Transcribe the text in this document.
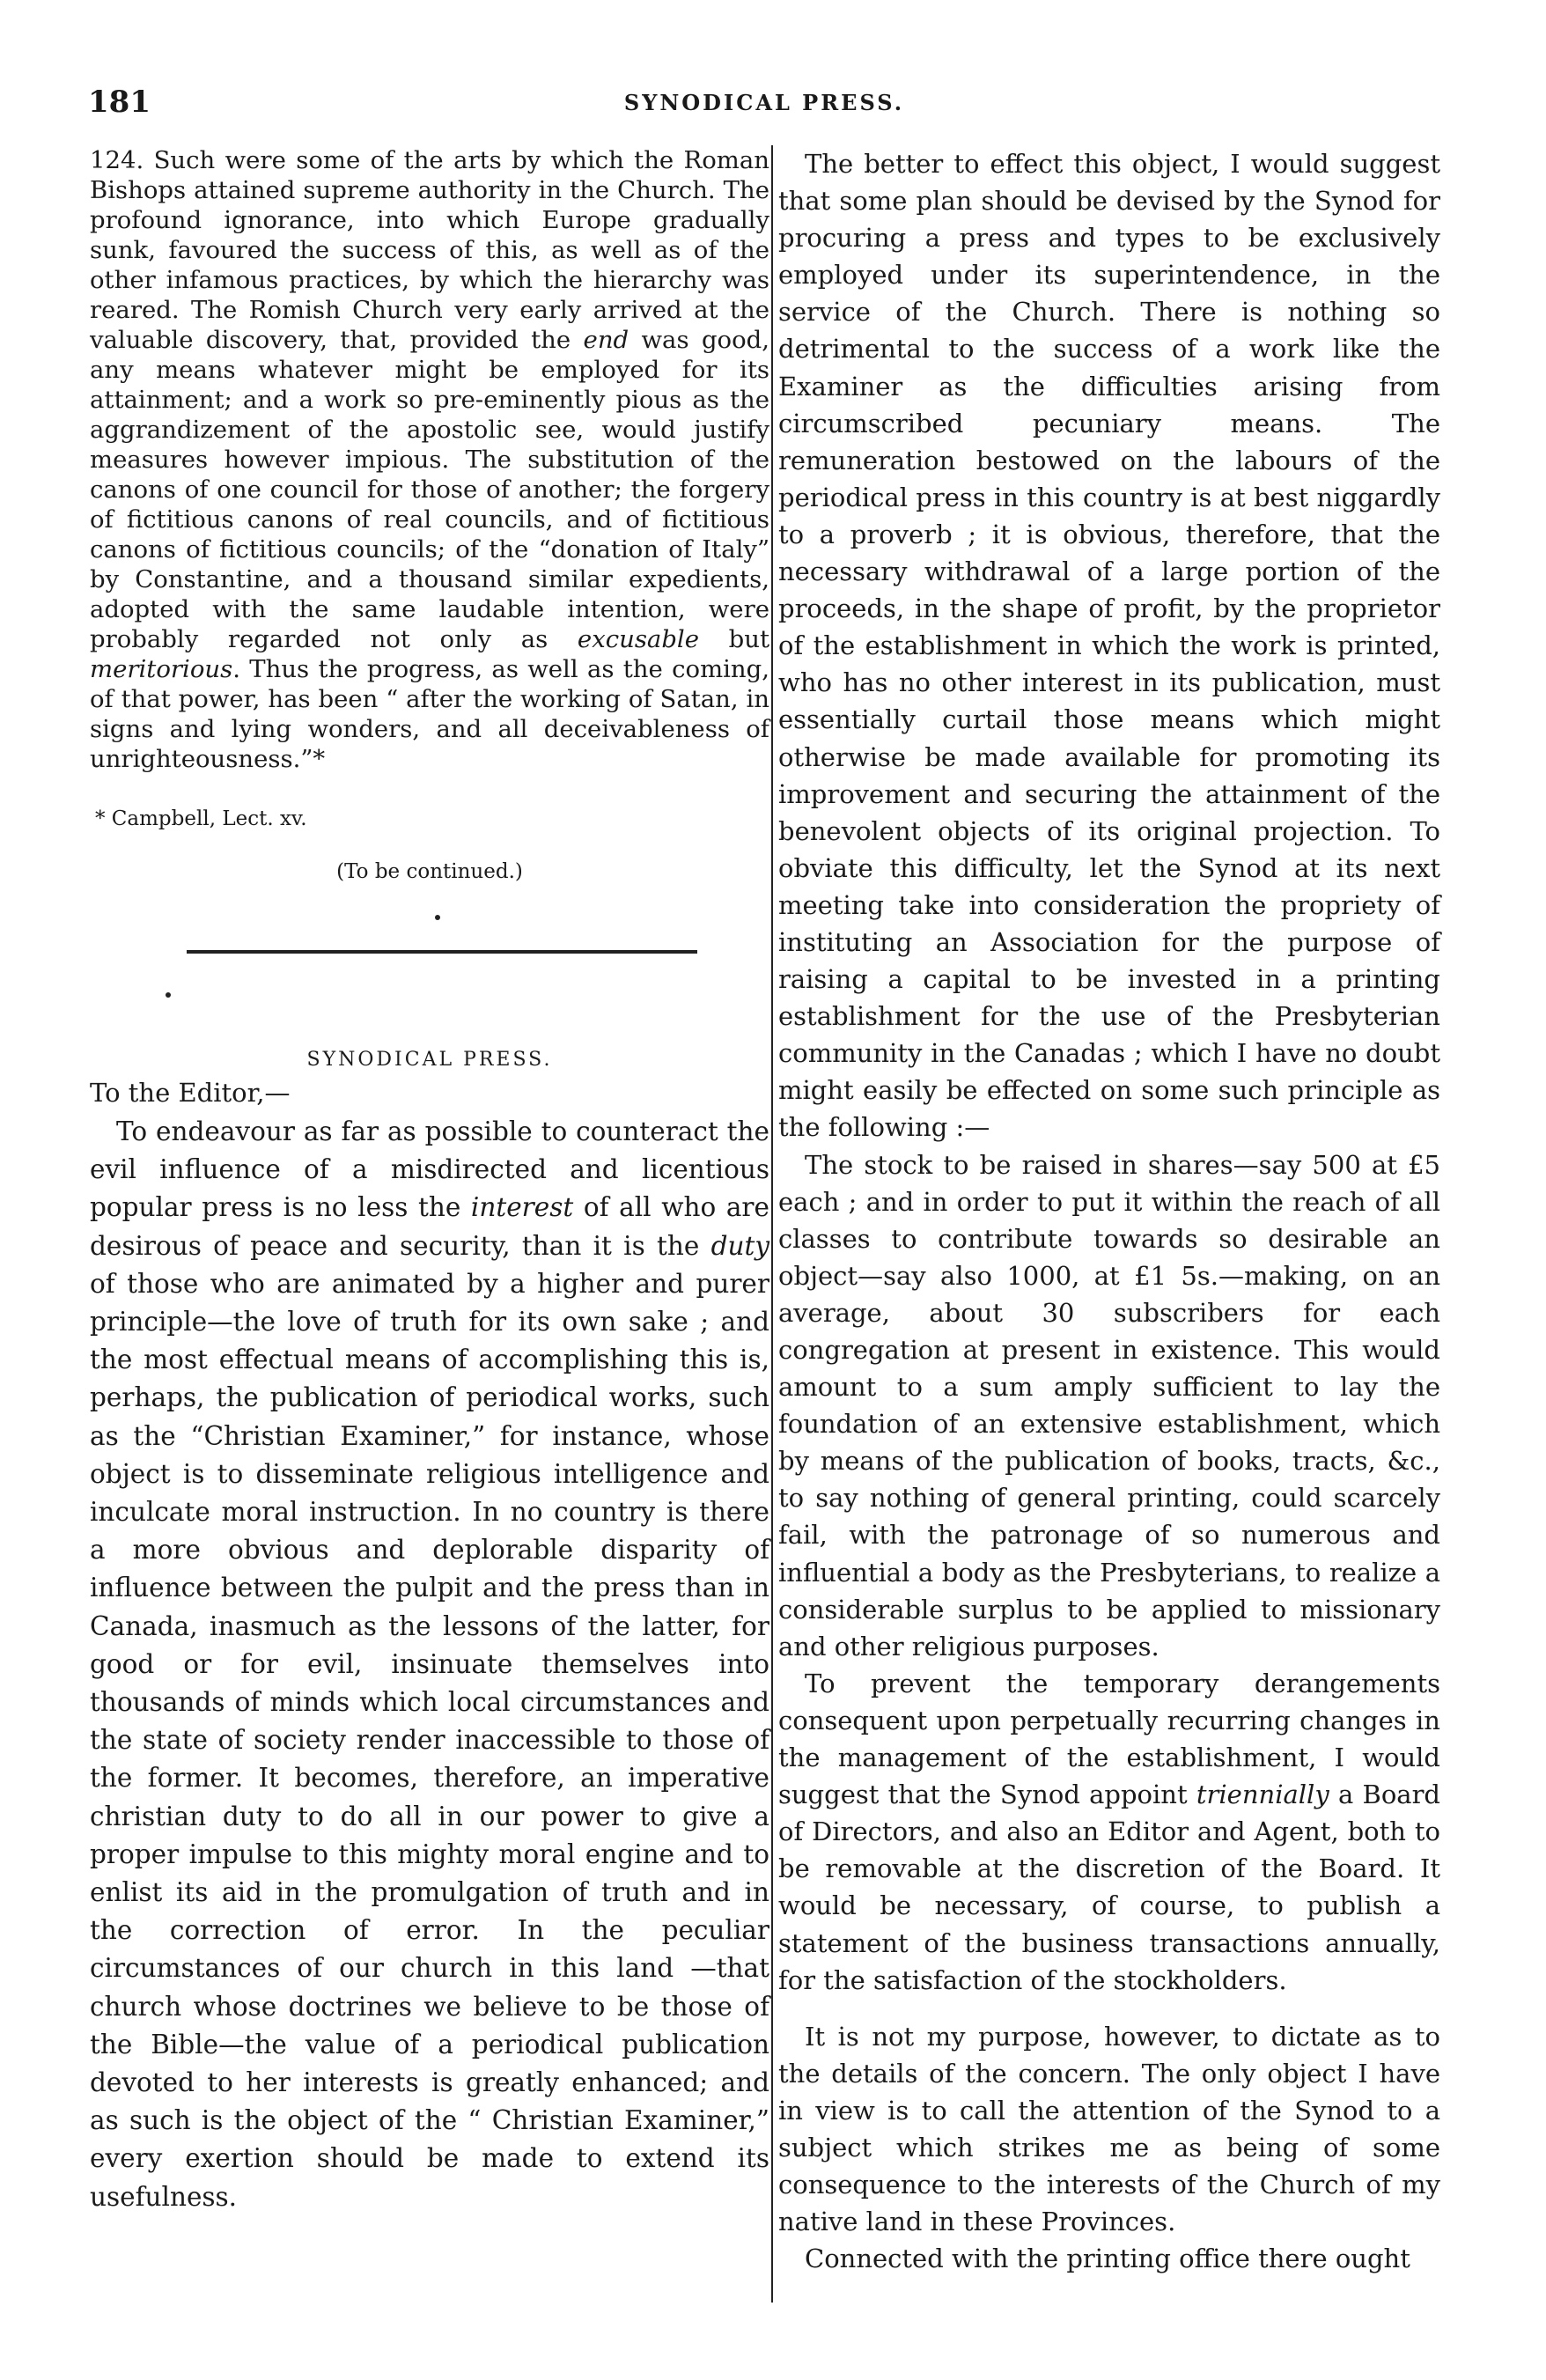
181	SYNODICAL PRESS.

124. Such were some of the arts by which the Roman Bishops attained supreme authority in the Church. The profound ignorance, into which Europe gradually sunk, favoured the success of this, as well as of the other infamous practices, by which the hierarchy was reared. The Romish Church very early arrived at the valuable discovery, that, provided the end was good, any means whatever might be employed for its attainment; and a work so pre-eminently pious as the aggrandizement of the apostolic see, would justify measures however impious. The substitution of the canons of one council for those of another; the forgery of fictitious canons of real councils, and of fictitious canons of fictitious councils; of the “donation of Italy” by Constantine, and a thousand similar expedients, adopted with the same laudable intention, were probably regarded not only as excusable but meritorious. Thus the progress, as well as the coming, of that power, has been “ after the working of Satan, in signs and lying wonders, and all deceivableness of unrighteousness.”*

* Campbell, Lect. xv.
(To be continued.)
SYNODICAL PRESS.
To the Editor,—

To endeavour as far as possible to counteract the evil influence of a misdirected and licentious popular press is no less the interest of all who are desirous of peace and security, than it is the duty of those who are animated by a higher and purer principle—the love of truth for its own sake ; and the most effectual means of accomplishing this is, perhaps, the publication of periodical works, such as the “Christian Examiner,” for instance, whose object is to disseminate religious intelligence and inculcate moral instruction. In no country is there a more obvious and deplorable disparity of influence between the pulpit and the press than in Canada, inasmuch as the lessons of the latter, for good or for evil, insinuate themselves into thousands of minds which local circumstances and the state of society render inaccessible to those of the former. It becomes, therefore, an imperative christian duty to do all in our power to give a proper impulse to this mighty moral engine and to enlist its aid in the promulgation of truth and in the correction of error. In the peculiar circumstances of our church in this land —that church whose doctrines we believe to be those of the Bible—the value of a periodical publication devoted to her interests is greatly enhanced; and as such is the object of the “ Christian Examiner,” every exertion should be made to extend its usefulness.

The better to effect this object, I would suggest that some plan should be devised by the Synod for procuring a press and types to be exclusively employed under its superintendence, in the service of the Church. There is nothing so detrimental to the success of a work like the Examiner as the difficulties arising from circumscribed pecuniary means. The remuneration bestowed on the labours of the periodical press in this country is at best niggardly to a proverb ; it is obvious, therefore, that the necessary withdrawal of a large portion of the proceeds, in the shape of profit, by the proprietor of the establishment in which the work is printed, who has no other interest in its publication, must essentially curtail those means which might otherwise be made available for promoting its improvement and securing the attainment of the benevolent objects of its original projection. To obviate this difficulty, let the Synod at its next meeting take into consideration the propriety of instituting an Association for the purpose of raising a capital to be invested in a printing establishment for the use of the Presbyterian community in the Canadas ; which I have no doubt might easily be effected on some such principle as the following :—

The stock to be raised in shares—say 500 at £5 each ; and in order to put it within the reach of all classes to contribute towards so desirable an object—say also 1000, at £1 5s.—making, on an average, about 30 subscribers for each congregation at present in existence. This would amount to a sum amply sufficient to lay the foundation of an extensive establishment, which by means of the publication of books, tracts, &c., to say nothing of general printing, could scarcely fail, with the patronage of so numerous and influential a body as the Presbyterians, to realize a considerable surplus to be applied to missionary and other religious purposes.

To prevent the temporary derangements consequent upon perpetually recurring changes in the management of the establishment, I would suggest that the Synod appoint triennially a Board of Directors, and also an Editor and Agent, both to be removable at the discretion of the Board. It would be necessary, of course, to publish a statement of the business transactions annually, for the satisfaction of the stockholders.

It is not my purpose, however, to dictate as to the details of the concern. The only object I have in view is to call the attention of the Synod to a subject which strikes me as being of some consequence to the interests of the Church of my native land in these Provinces.

Connected with the printing office there ought
